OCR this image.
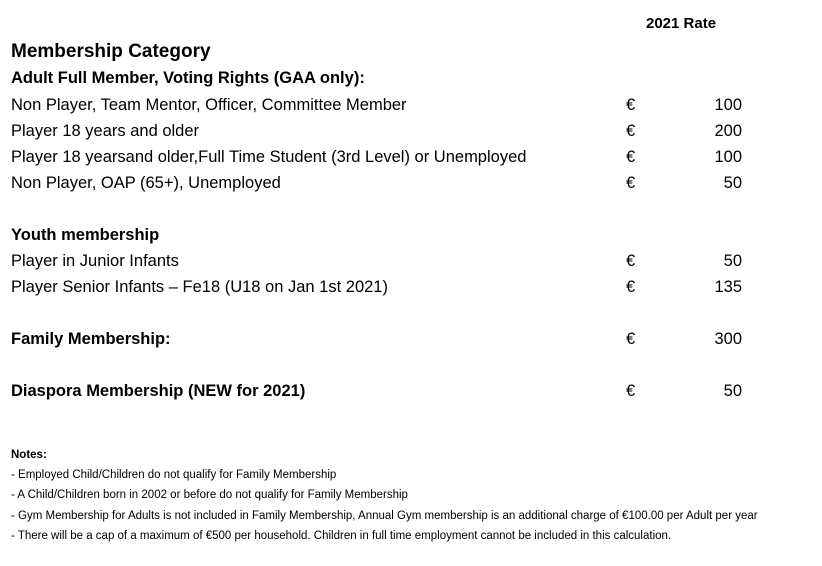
2021 Rate
Membership Category
Adult Full Member, Voting Rights (GAA only):
Non Player, Team Mentor, Officer, Committee Member	€	100
Player 18 years and older	€	200
Player 18 yearsand older,Full Time Student (3rd Level) or Unemployed	€	100
Non Player, OAP (65+), Unemployed	€	50
Youth membership
Player in Junior Infants	€	50
Player Senior Infants – Fe18 (U18 on Jan 1st 2021)	€	135
Family Membership:	€	300
Diaspora Membership (NEW for 2021)	€	50
Notes:
- Employed Child/Children do not qualify for Family Membership
- A Child/Children born in 2002 or before do not qualify for Family Membership
- Gym Membership for Adults is not included in Family Membership, Annual Gym membership is an additional charge of €100.00 per Adult per year
- There will be a cap of a maximum of €500 per household. Children in full time employment cannot be included in this calculation.
